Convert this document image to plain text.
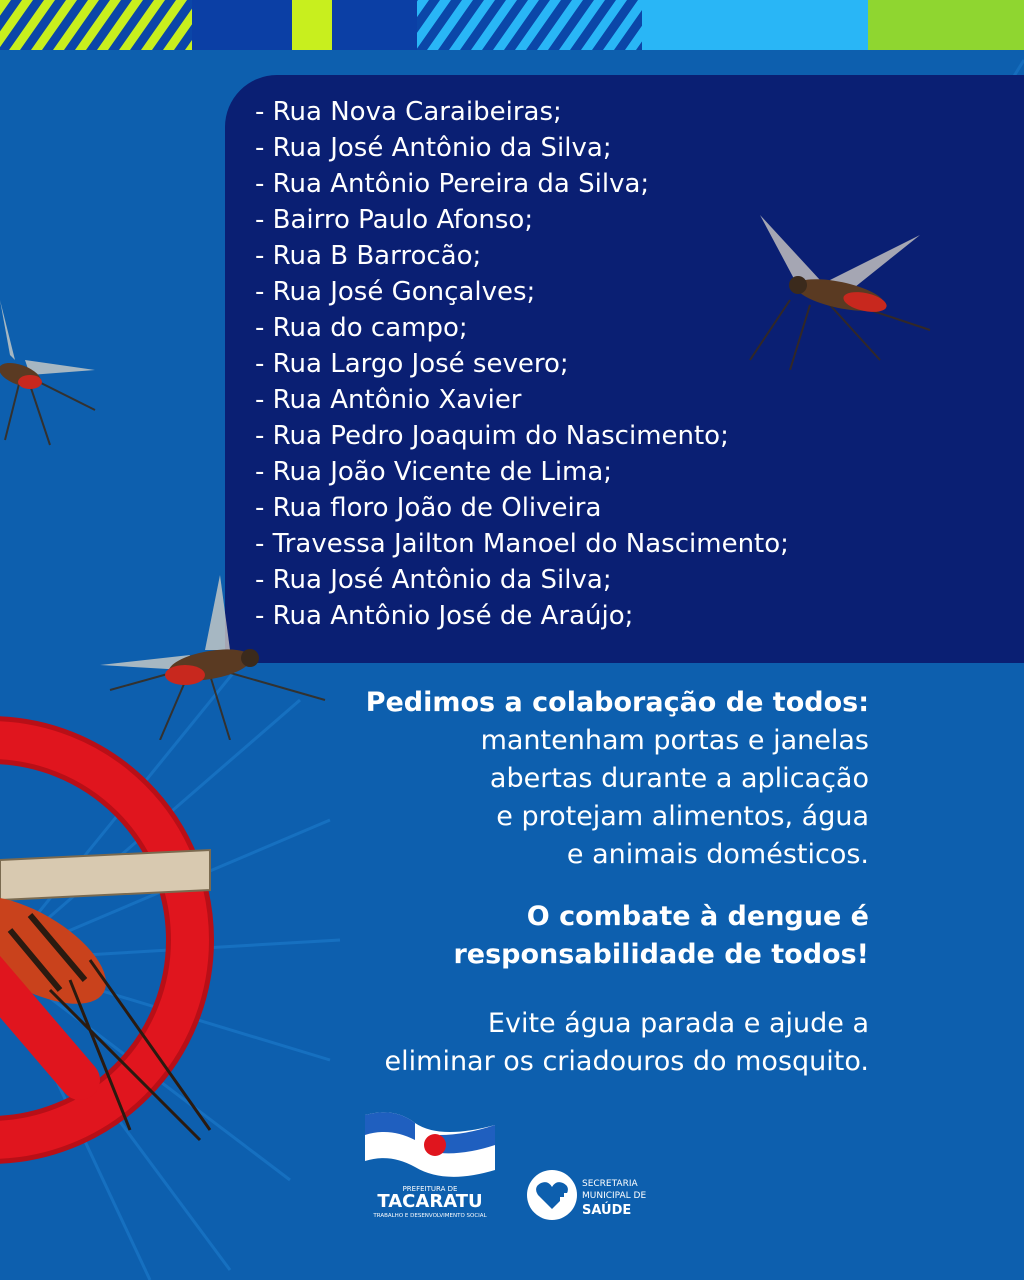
- Rua Nova Caraibeiras;
- Rua José Antônio da Silva;
- Rua Antônio Pereira da Silva;
- Bairro Paulo Afonso;
- Rua B Barrocão;
- Rua José Gonçalves;
- Rua do campo;
- Rua Largo José severo;
- Rua Antônio Xavier
- Rua Pedro Joaquim do Nascimento;
- Rua João Vicente de Lima;
- Rua floro João de Oliveira
- Travessa Jailton Manoel do Nascimento;
- Rua José Antônio da Silva;
- Rua Antônio José de Araújo;
Pedimos a colaboração de todos:
mantenham portas e janelas
abertas durante a aplicação
e protejam alimentos, água
e animais domésticos.
O combate à dengue é
responsabilidade de todos!
Evite água parada e ajude a
eliminar os criadouros do mosquito.
PREFEITURA DE
TACARATU
TRABALHO E DESENVOLVIMENTO SOCIAL
SECRETARIA
MUNICIPAL DE
SAÚDE
